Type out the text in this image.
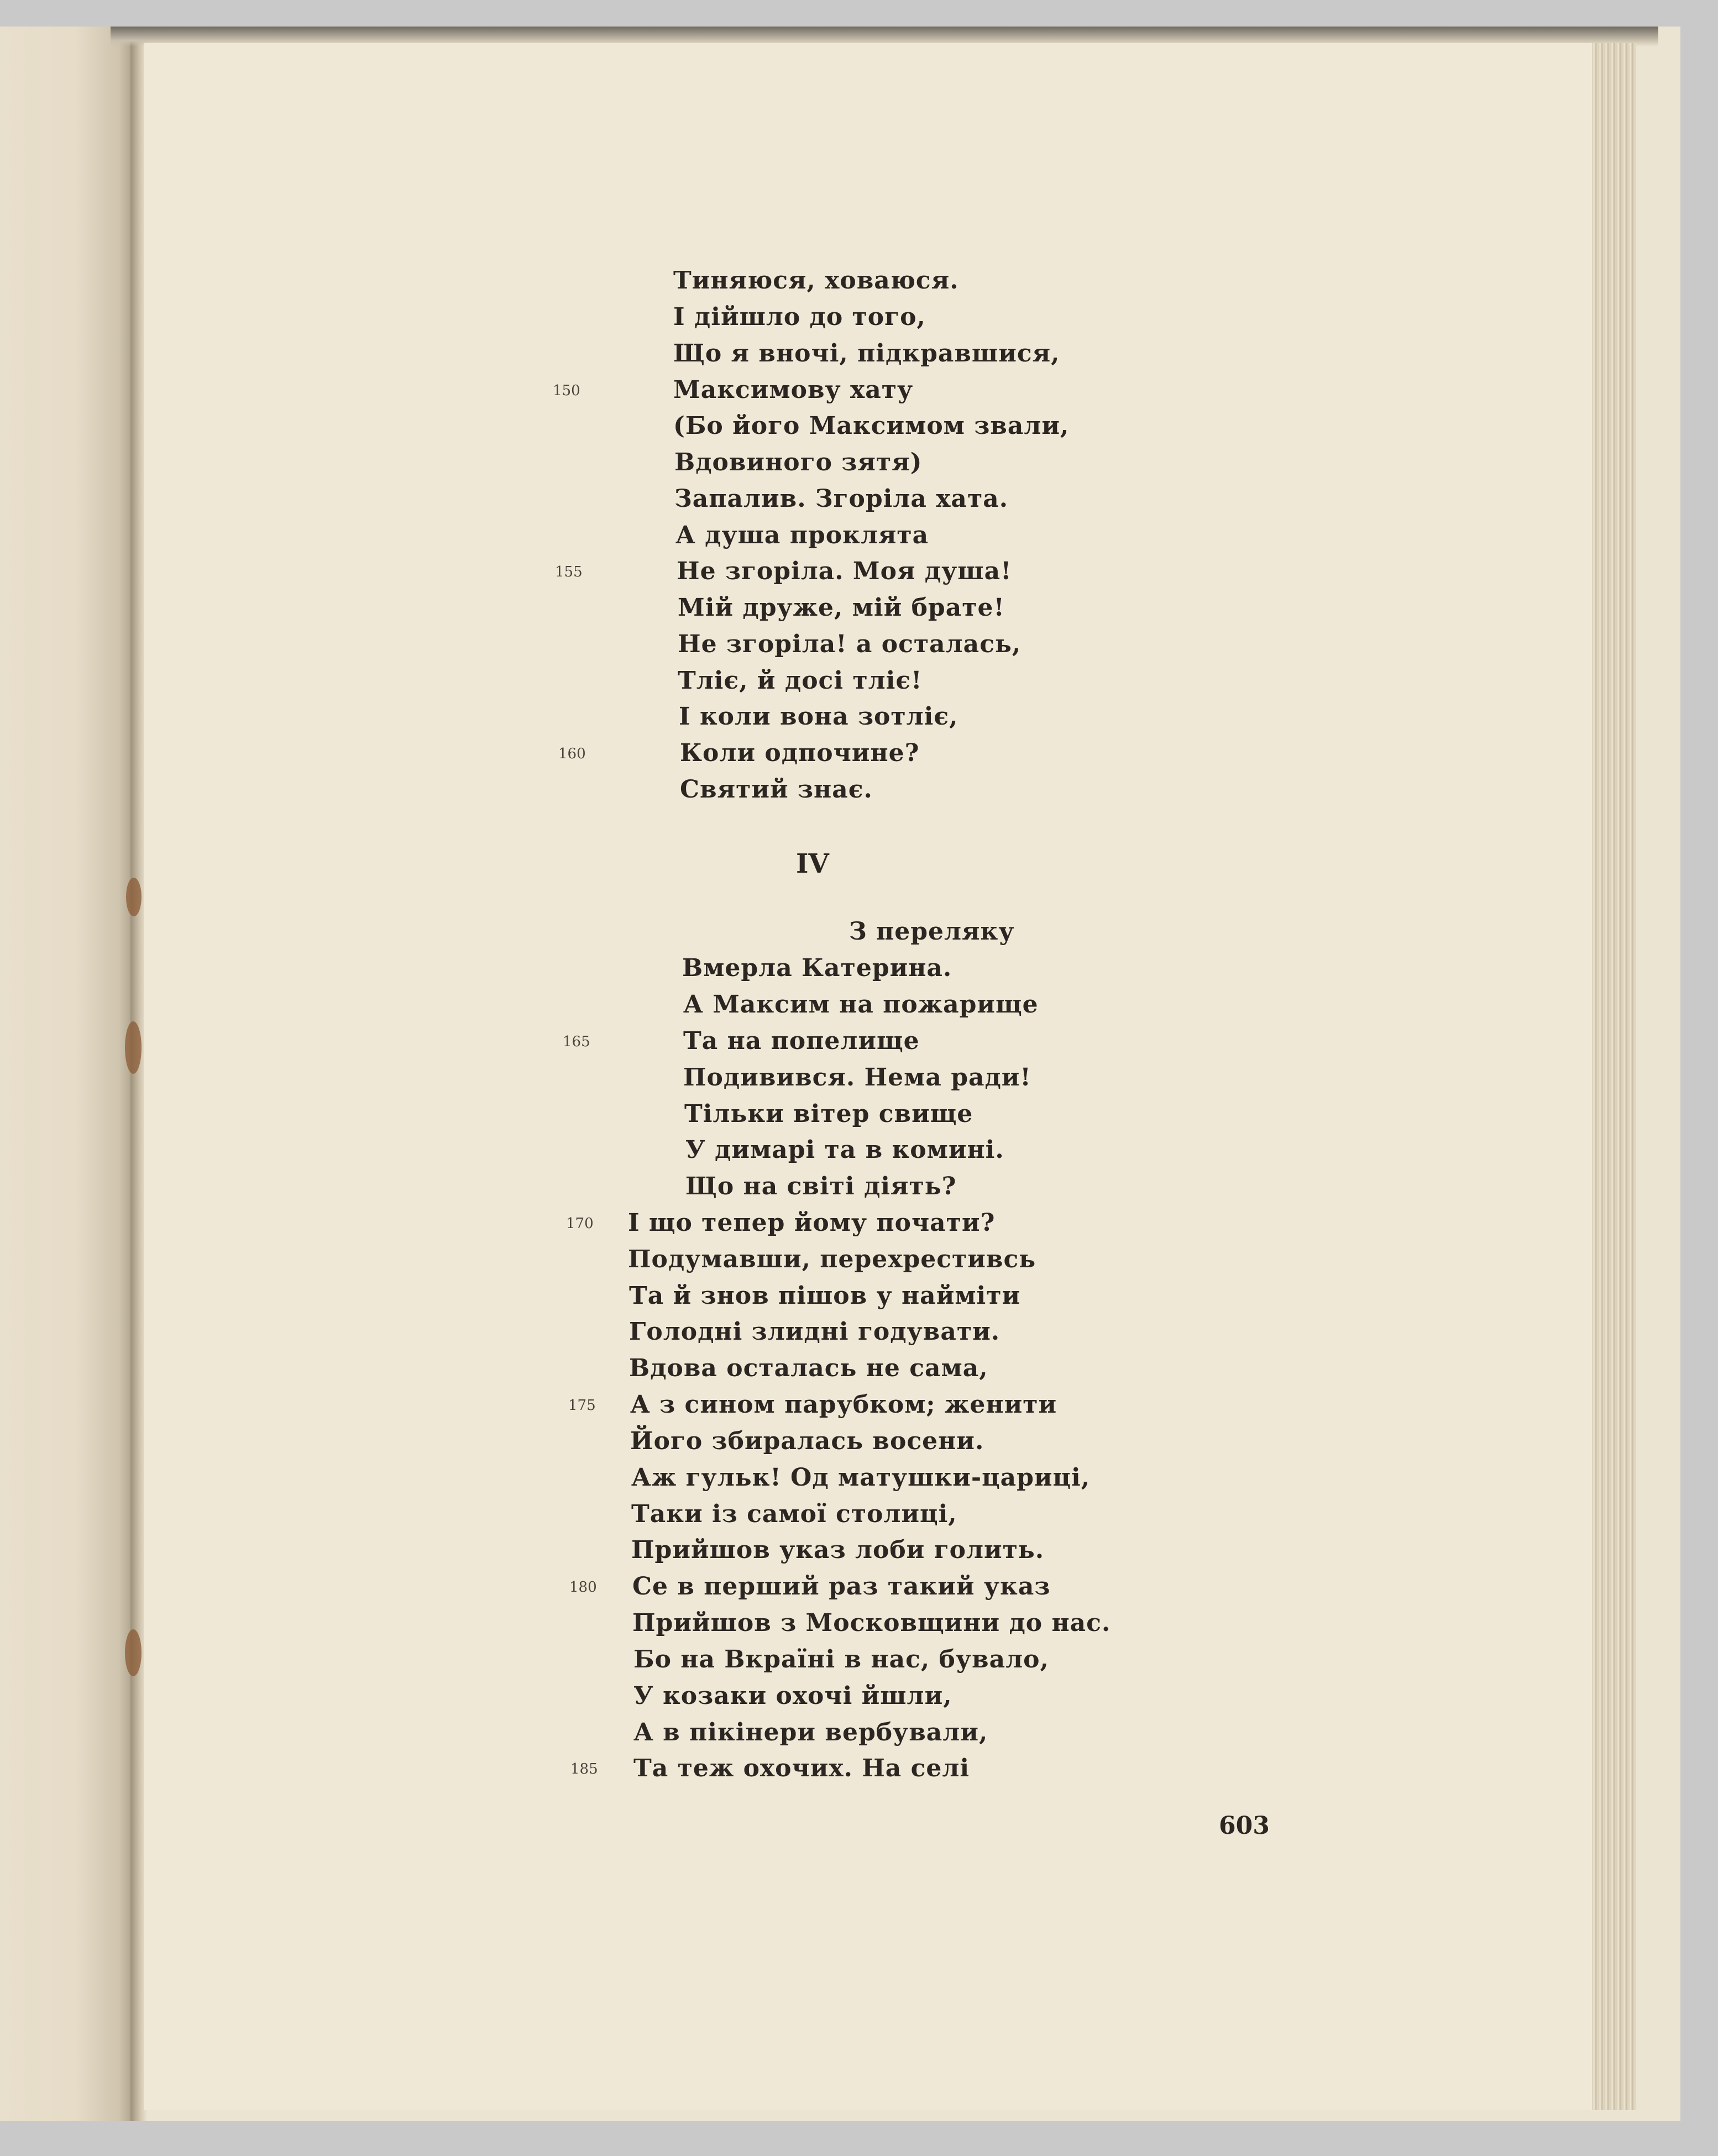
Тиняюся, ховаюся.
І дійшло до того,
Що я вночі, підкравшися,
Максимову хату
(Бо його Максимом звали,
Вдовиного зятя)
Запалив. Згоріла хата.
А душа проклята
Не згоріла. Моя душа!
Мій друже, мій брате!
Не згоріла! а осталась,
Тліє, й досі тліє!
І коли вона зотліє,
Коли одпочине?
Святий знає.
IV
З переляку
Вмерла Катерина.
А Максим на пожарище
Та на попелище
Подивився. Нема ради!
Тільки вітер свище
У димарі та в комині.
Що на світі діять?
І що тепер йому почати?
Подумавши, перехрестивсь
Та й знов пішов у найміти
Голодні злидні годувати.
Вдова осталась не сама,
А з сином парубком; женити
Його збиралась восени.
Аж гульк! Од матушки-цариці,
Таки із самої столиці,
Прийшов указ лоби голить.
Се в перший раз такий указ
Прийшов з Московщини до нас.
Бо на Вкраїні в нас, бувало,
У козаки охочі йшли,
А в пікінери вербували,
Та теж охочих. На селі
150
155
160
165
170
175
180
185
603
